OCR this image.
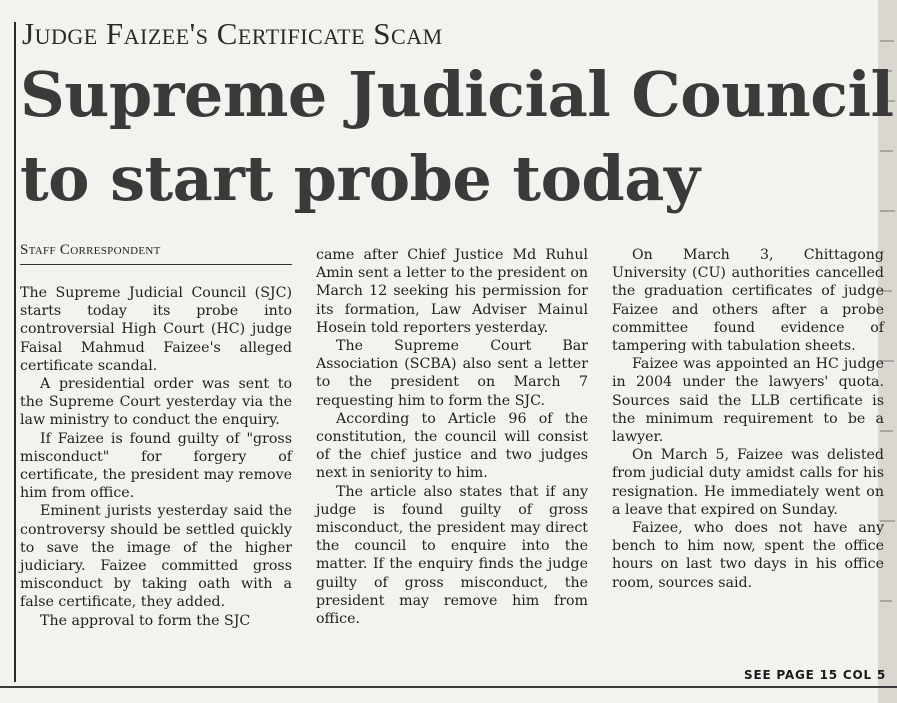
Judge Faizee's Certificate Scam
Supreme Judicial Council
to start probe today
Staff Correspondent

The Supreme Judicial Council (SJC) starts today its probe into controversial High Court (HC) judge Faisal Mahmud Faizee's alleged certificate scandal.

A presidential order was sent to the Supreme Court yesterday via the law ministry to conduct the enquiry.

If Faizee is found guilty of "gross misconduct" for forgery of certificate, the president may remove him from office.

Eminent jurists yesterday said the controversy should be settled quickly to save the image of the higher judiciary. Faizee committed gross misconduct by taking oath with a false certificate, they added.

The approval to form the SJC

came after Chief Justice Md Ruhul Amin sent a letter to the president on March 12 seeking his permission for its formation, Law Adviser Mainul Hosein told reporters yesterday.

The Supreme Court Bar Association (SCBA) also sent a letter to the president on March 7 requesting him to form the SJC.

According to Article 96 of the constitution, the council will consist of the chief justice and two judges next in seniority to him.

The article also states that if any judge is found guilty of gross misconduct, the president may direct the council to enquire into the matter. If the enquiry finds the judge guilty of gross misconduct, the president may remove him from office.

On March 3, Chittagong University (CU) authorities cancelled the graduation certificates of judge Faizee and others after a probe committee found evidence of tampering with tabulation sheets.

Faizee was appointed an HC judge in 2004 under the lawyers' quota. Sources said the LLB certificate is the minimum requirement to be a lawyer.

On March 5, Faizee was delisted from judicial duty amidst calls for his resignation. He immediately went on a leave that expired on Sunday.

Faizee, who does not have any bench to him now, spent the office hours on last two days in his office room, sources said.

SEE PAGE 15 COL 5
